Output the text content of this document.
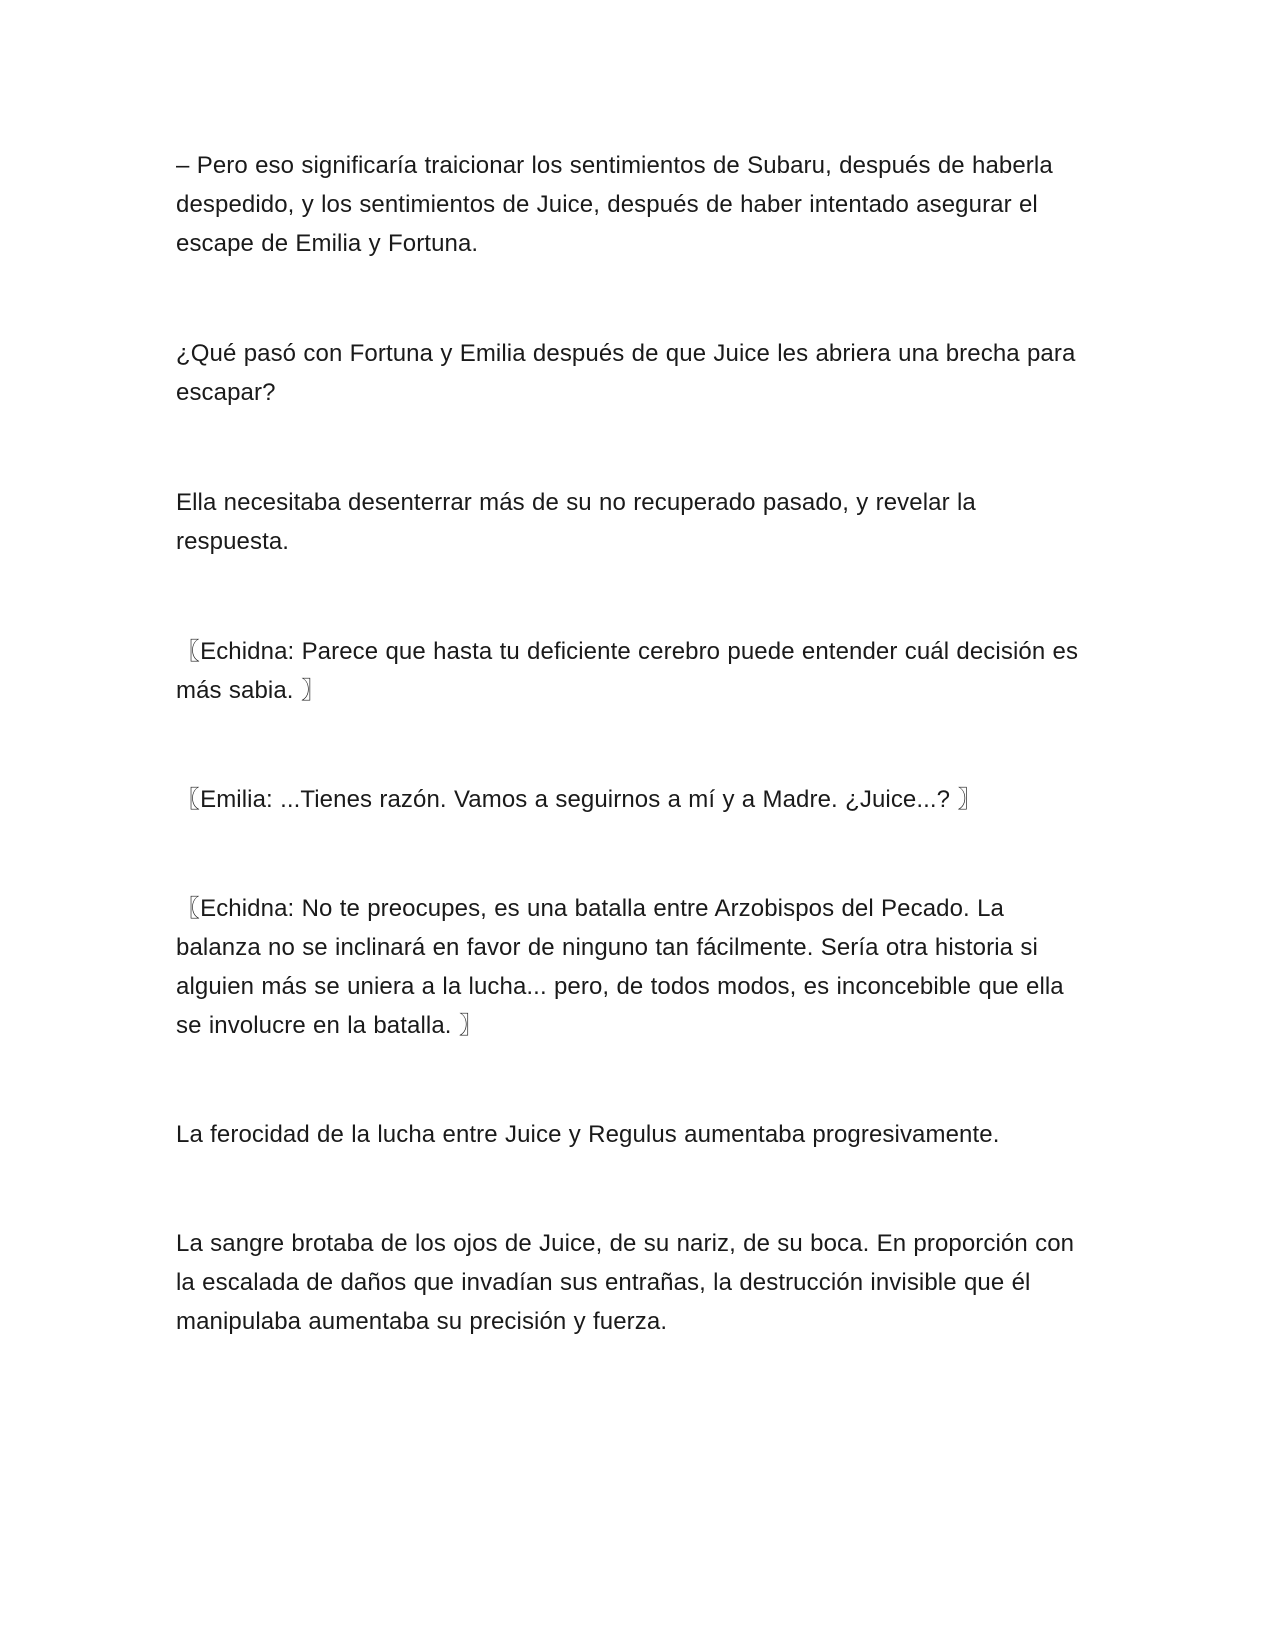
– Pero eso significaría traicionar los sentimientos de Subaru, después de haberla despedido, y los sentimientos de Juice, después de haber intentado asegurar el escape de Emilia y Fortuna.

¿Qué pasó con Fortuna y Emilia después de que Juice les abriera una brecha para escapar?

Ella necesitaba desenterrar más de su no recuperado pasado, y revelar la respuesta.

〖Echidna: Parece que hasta tu deficiente cerebro puede entender cuál decisión es más sabia. 〗

〖Emilia: ...Tienes razón. Vamos a seguirnos a mí y a Madre. ¿Juice...? 〗

〖Echidna: No te preocupes, es una batalla entre Arzobispos del Pecado. La balanza no se inclinará en favor de ninguno tan fácilmente. Sería otra historia si alguien más se uniera a la lucha... pero, de todos modos, es inconcebible que ella se involucre en la batalla. 〗

La ferocidad de la lucha entre Juice y Regulus aumentaba progresivamente.

La sangre brotaba de los ojos de Juice, de su nariz, de su boca. En proporción con la escalada de daños que invadían sus entrañas, la destrucción invisible que él manipulaba aumentaba su precisión y fuerza.
